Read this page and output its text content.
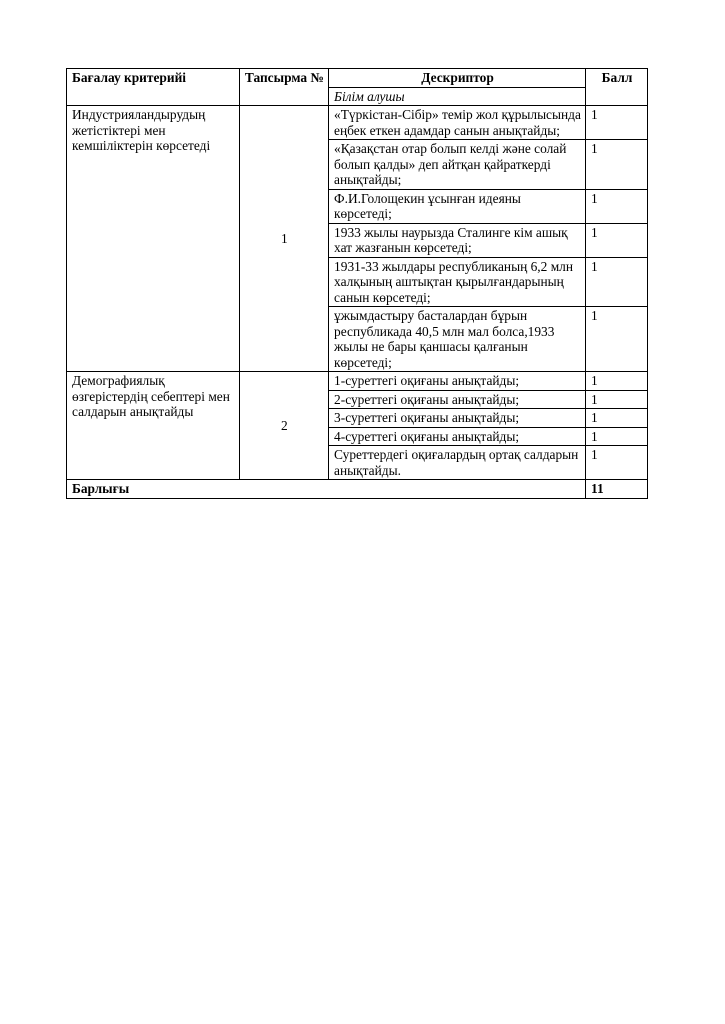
Бағалау критерийі	Тапсырма №	Дескриптор	Балл
		Білім алушы	
Индустрияландырудың жетістіктері мен кемшіліктерін көрсетеді	1	«Түркістан-Сібір» темір жол құрылысында еңбек еткен адамдар санын анықтайды;	1
		«Қазақстан отар болып келді және солай болып қалды» деп айтқан қайраткерді анықтайды;	1
		Ф.И.Голощекин ұсынған идеяны көрсетеді;	1
		1933 жылы наурызда Сталинге кім ашық хат жазғанын көрсетеді;	1
		1931-33 жылдары республиканың 6,2 млн халқының аштықтан қырылғандарының санын көрсетеді;	1
		ұжымдастыру басталардан бұрын республикада 40,5 млн мал болса,1933 жылы не бары қаншасы қалғанын көрсетеді;	1
Демографиялық өзгерістердің себептері мен салдарын анықтайды	2	1-суреттегі оқиғаны анықтайды;	1
		2-суреттегі оқиғаны анықтайды;	1
		3-суреттегі оқиғаны анықтайды;	1
		4-суреттегі оқиғаны анықтайды;	1
		Суреттердегі оқиғалардың ортақ салдарын анықтайды.	1
Барлығы			11
